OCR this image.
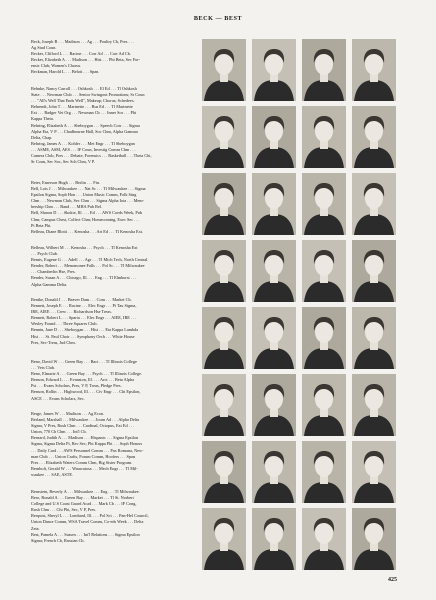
BECK — BEST
Beck, Joseph B . . . Madison . . . Ag . . . Poultry Cb, Pres . . .
Ag Stud Coun.
Becker, Clifford L . . . Racine . . . Corr Ad . . . Corr Ad Cb.
Becker, Elizabeth A . . . Madison . . . Hist . . . Phi Beta, Sec For-
ensic Club; Women's Chorus.
Beckman, Harold L . . . Beloit . . . Span.
Behnke, Nancy Carroll . . . Oshkosh . . . El Ed . . . Tl Oshkosh
State . . . Newman Club . . . Senior Swingout Promotions; Sr Coun
. . . "All's Well That Ends Well", Makeup; Chorus; Schedees.
Behrendt, John T . . . Marinette . . . Bus Ed . . . Tl Marinette
Ext . . . Badger Vet Org . . . Newman Cb . . . Inner Sor . . . Phi
Kappa Theta.
Behring, Elizabeth A . . . Sheboygan . . . Speech Corr . . . Sigma
Alpha Eta, V P . . . Chadbourne Hall, Soc Chm, Alpha Gamma
Delta, Chap.
Behring, James A . . . Kohler . . . Met Engr . . . Tl Sheboygan
. . . ASME, ASM, AES . . . IF Coun, Investig Comm Chm . . .
Camera Club, Pres . . . Debate, Forensics . . . Basketball . . . Theta Chi,
Sr Coun, Sec Soc, Sec Sch Chm, V P.
Beier, Emerson Hugh . . . Berlin . . . Fin.
Bell, Lois J . . . Milwaukee . . . Nat Sc . . . Tl Milwaukee . . . Sigma
Epsilon Sigma, Soph Hon . . . Union Music Comm, Folk Sing
Chm . . . Newman Club, Sec Chm . . . Sigma Alpha Iota . . . Mem-
bership Chm . . . Band . . . MHA Pub Rel.
Bell, Sharon D . . . Skokie, Ill. . . . Ed . . . AWS Coeds Week, Pub
Chm; Campus Chest, Collect Chm; Homecoming, Exec Sec . . .
Pi Beta Phi.
Belleau, Diane Blotti . . . Kenosha . . . Art Ed . . . Tl Kenosha Ext.
Belleau, Wilbert M . . . Kenosha . . . Psych . . . Tl Kenosha Ext
. . . Psych Club.
Bemis, Eugene G . . . Adell . . . Agr . . . Tl Mich Tech, North Central.
Bender, Robert . . . Menomonee Falls . . . Pol Sc . . . Tl Milwaukee
. . . Chamberlin Hse, Pres.
Bender, Susan A . . . Chicago, Ill. . . . Eng . . . Tl Elmhurst . . .
Alpha Gamma Delta.
Benike, Donald J . . . Beaver Dam . . . Com . . . Market Cb.
Bennett, Joseph E . . . Racine . . . Elec Engr . . . Pi Tau Sigma,
IRE, AIEE . . . Crew . . . Richardson Hse Treas.
Bennett, Robert L . . . Sparta . . . Elec Engr . . . AIEE, IRE . . .
Wesley Found . . . Three Squares Club.
Bennin, Jane D . . . Sheboygan . . . Hist . . . Eta Kappa Lambda
Hist . . . St. Paul Choir . . . Symphony Orch . . . White House
Pres, Sec-Treas, Jud Chm.
Beno, David W . . . Green Bay . . . Bact . . . Tl Illinois College
. . . Vets Club.
Beno, Elmarie A . . . Green Bay . . . Psych . . . Tl Illinois College.
Benson, Edward L . . . Evanston, Ill. . . . Arct . . . Beta Alpha
Psi . . . Evans Scholars, Pres, V P, Treas, Pledge Pres.
Benson, Rollin . . . Highwood, Ill. . . . Civ Engr . . . Chi Epsilon,
ASCE . . . Evans Scholars, Sec.
Berge, James W . . . Madison . . . Ag Econ.
Berland, Marshall . . . Milwaukee . . . Journ Ad . . . Alpha Delta
Sigma, V Pres, Rush Chm . . . Cardinal, Octopus, Ext Ed . . .
Union, 770 Cb Chm . . . Int'l Cb.
Bernard, Judith A . . . Madison . . . Hispanic . . . Sigma Epsilon
Sigma, Sigma Delta Pi, Rec Sec; Phi Kappa Phi . . . Soph Honors
. . . Daily Card . . . AWS Personnel Comm . . . Pax Romana, New-
man Club . . . Union Crafts, Forum Comm, Hoofers . . . Span
Pres . . . Elizabeth Waters Comm Chm, Big Sister Program.
Bernhoft, Gerald W . . . Wauwatosa . . . Mech Engr . . . Tl Mil-
waukee . . . SAE, ASTE.
Bernstein, Beverly A . . . Milwaukee . . . Eng . . . Tl Milwaukee.
Bero, Ronald A . . . Green Bay . . . Market . . . Tl St. Norbert
College and U.S Coast Guard Acad . . . Mark Cb . . . IF Cong,
Rush Chm . . . Chi Phi, Sec, V P, Pres.
Berquist, Sheryl L . . . Lombard, Ill. . . . Pol Sci . . . Pan-Hel Council,
Union Dance Comm, WSA Travel Comm, Co-eds Week . . . Delta
Zeta.
Best, Pamela A . . . Sussex . . . Int'l Relations . . . Sigma Epsilon
Sigma; French Cb, Russian Cb.
425
